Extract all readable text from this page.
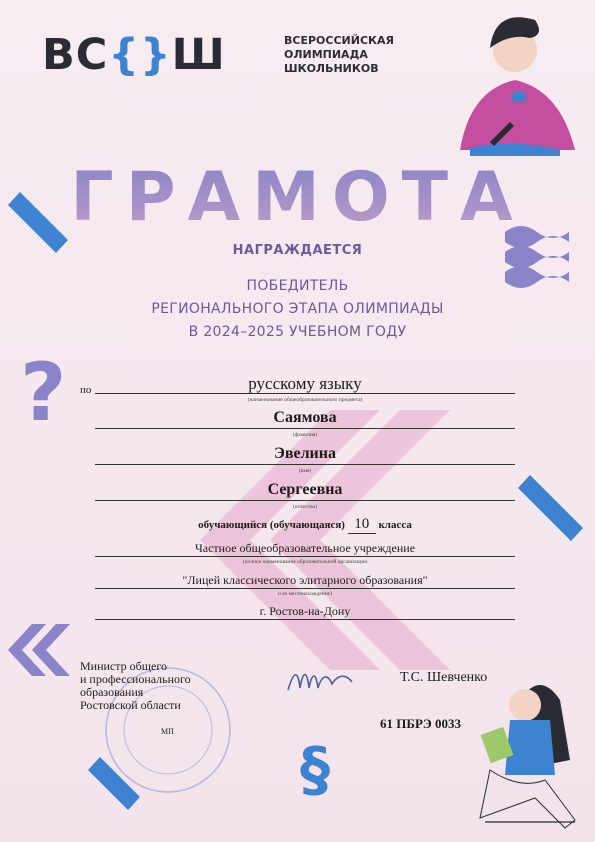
?
§
ВС{}Ш	ВСЕРОССИЙСКАЯ
ОЛИМПИАДА
ШКОЛЬНИКОВ
ГРАМОТА
НАГРАЖДАЕТСЯ
ПОБЕДИТЕЛЬ
РЕГИОНАЛЬНОГО ЭТАПА ОЛИМПИАДЫ
В 2024–2025 УЧЕБНОМ ГОДУ
по	русскому языку
(наименование общеобразовательного предмета)
Саямова
(фамилия)
Эвелина
(имя)
Сергеевна
(отчество)
обучающийся (обучающаяся) 10 класса
Частное общеобразовательное учреждение
(полное наименование образовательной организации
"Лицей классического элитарного образования"
и ее местонахождение)
г. Ростов-на-Дону
Министр общего
и профессионального
образования
Ростовской области
Т.С. Шевченко
МП
61 ПБРЭ 0033
